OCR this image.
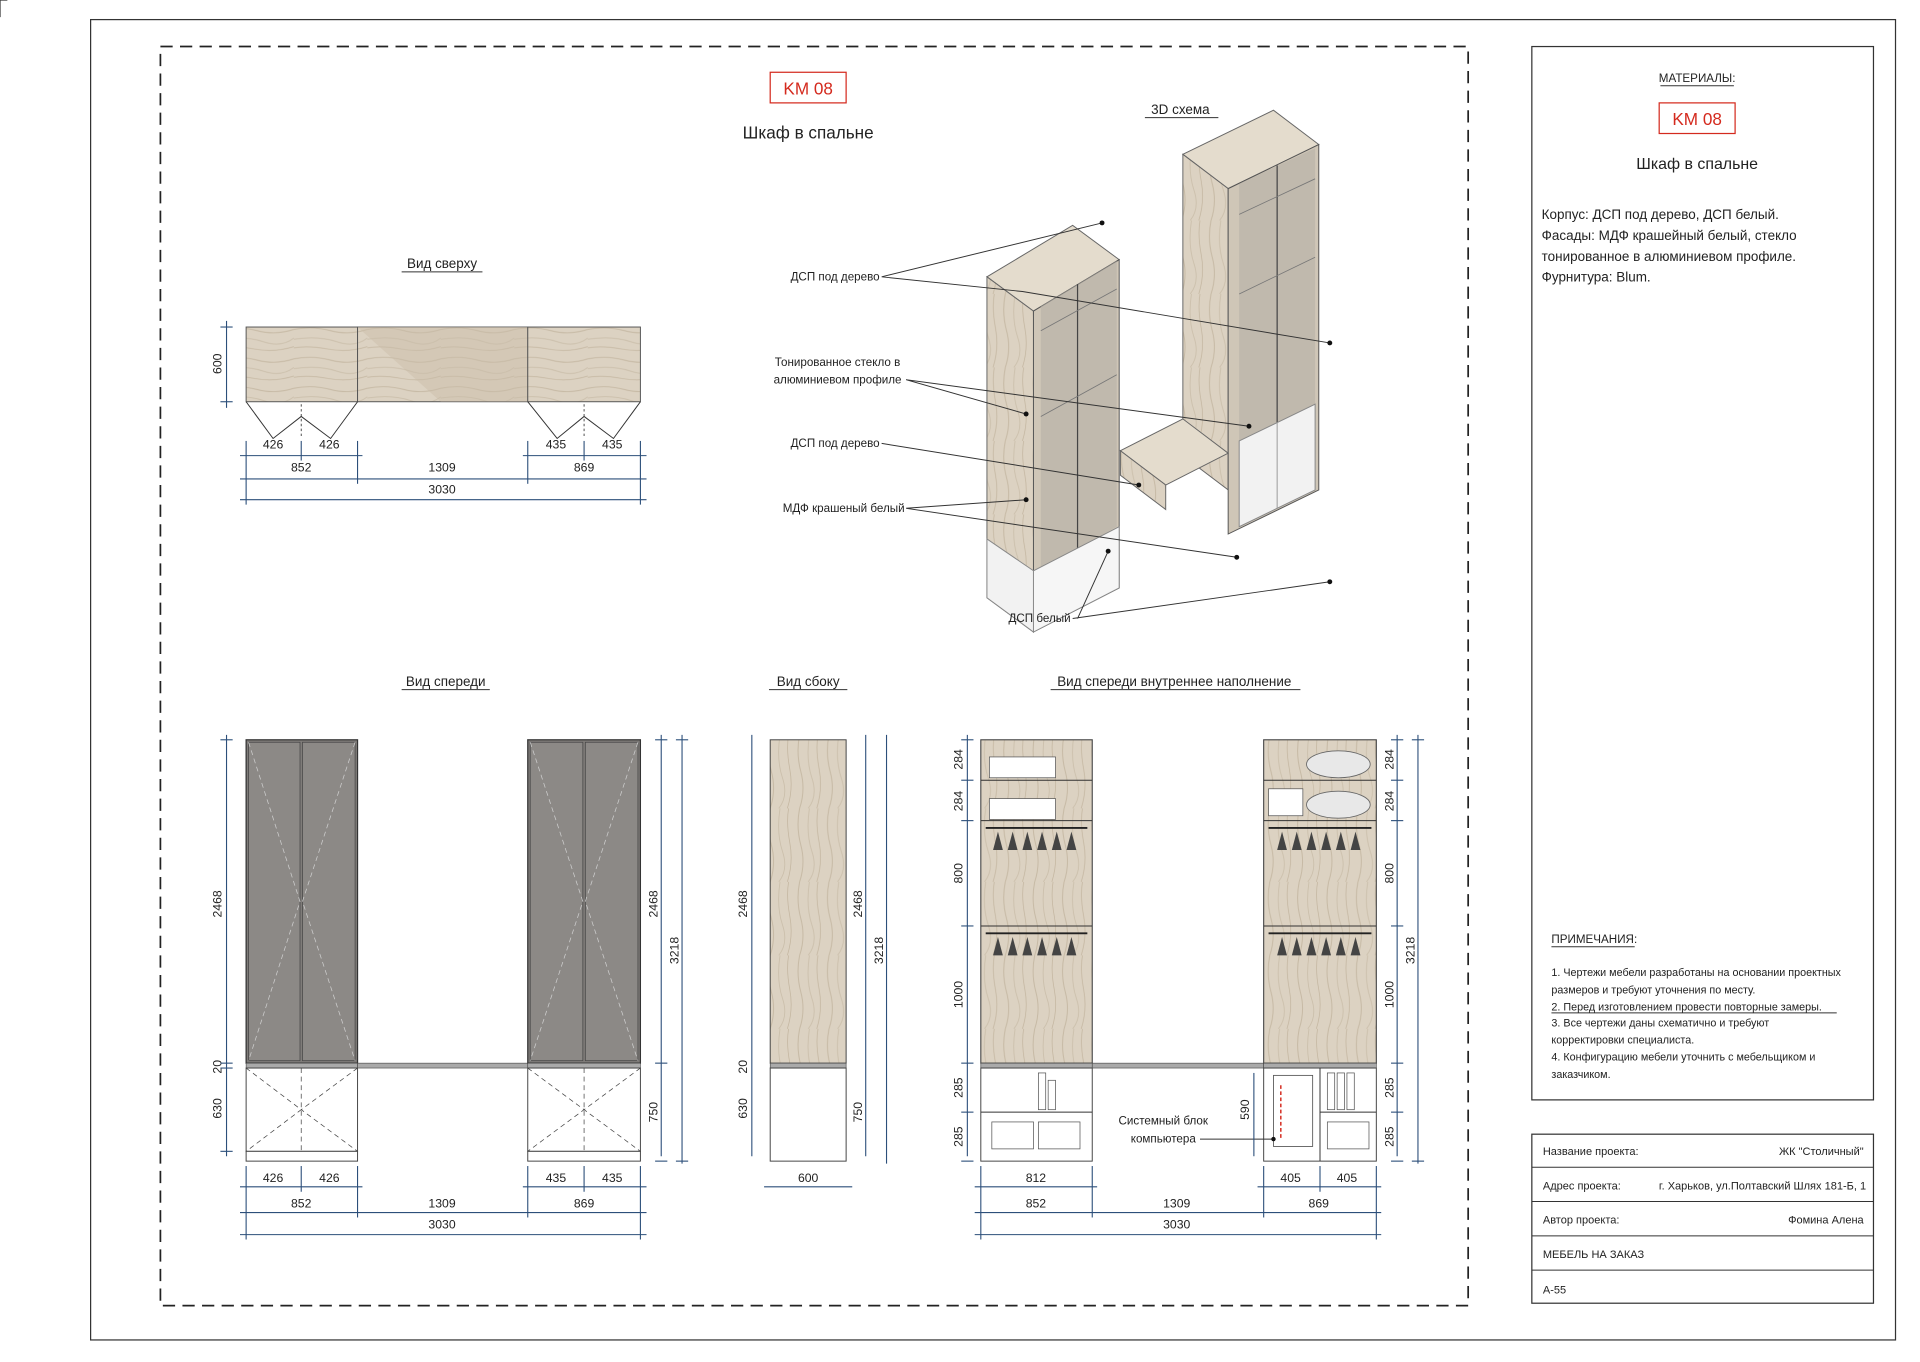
KM 08
Шкаф в спальне
3D схема
Вид сверху
600
426	426	435	435
852	1309	869
3030
ДСП под дерево
Тонированное стекло в
алюминиевом профиле
ДСП под дерево
МДФ крашеный белый
ДСП белый
Вид спереди
2468
20
630
2468
750
3218
426	426	435	435
852	1309	869
3030
Вид сбоку
2468
20
630
2468
750
3218
600
Вид спереди внутреннее наполнение
Системный блок
компьютера
284
284
800
1000
285
285
284
284
800
1000
285
285
3218
590
812	405	405
852	1309	869
3030
МАТЕРИАЛЫ:
KM 08
Шкаф в спальне
Корпус: ДСП под дерево, ДСП белый.
Фасады: МДФ крашейный белый, стекло
тонированное в алюминиевом профиле.
Фурнитура: Blum.
ПРИМЕЧАНИЯ:
1. Чертежи мебели разработаны на основании проектных
размеров и требуют уточнения по месту.
2. Перед изготовлением провести повторные замеры.
3. Все чертежи даны схематично и требуют
корректировки специалиста.
4. Конфигурацию мебели уточнить с мебельщиком и
заказчиком.
Название проекта:	ЖК "Столичный"
Адрес проекта:	г. Харьков, ул.Полтавский Шлях 181-Б, 1
Автор проекта:	Фомина Алена
МЕБЕЛЬ НА ЗАКАЗ
А-55
